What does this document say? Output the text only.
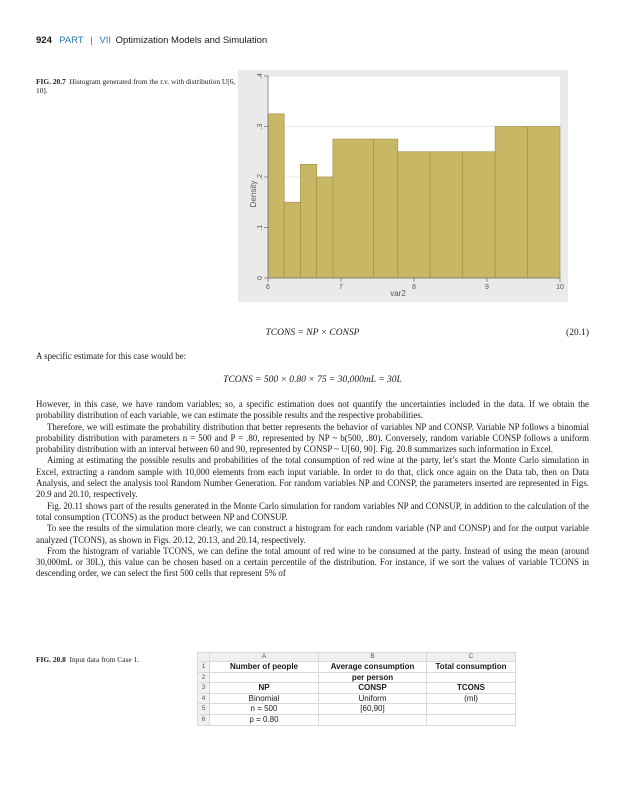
924 PART | VII Optimization Models and Simulation
FIG. 20.7 Histogram generated from the r.v. with distribution U[6, 10].
0
.1
.2
.3
.4
6	7	8	9	10
var2
Density
TCONS = NP × CONSP	(20.1)
A specific estimate for this case would be:
TCONS = 500 × 0.80 × 75 = 30,000mL = 30L

However, in this case, we have random variables; so, a specific estimation does not quantify the uncertainties included in the data. If we obtain the probability distribution of each variable, we can estimate the possible results and the respective probabilities.

Therefore, we will estimate the probability distribution that better represents the behavior of variables NP and CONSP. Variable NP follows a binomial probability distribution with parameters n = 500 and P = .80, represented by NP ~ b(500, .80). Conversely, random variable CONSP follows a uniform probability distribution with an interval between 60 and 90, represented by CONSP ~ U[60, 90]. Fig. 20.8 summarizes such information in Excel.

Aiming at estimating the possible results and probabilities of the total consumption of red wine at the party, let’s start the Monte Carlo simulation in Excel, extracting a random sample with 10,000 elements from each input variable. In order to do that, click once again on the Data tab, then on Data Analysis, and select the analysis tool Random Number Generation. For random variables NP and CONSP, the parameters inserted are represented in Figs. 20.9 and 20.10, respectively.

Fig. 20.11 shows part of the results generated in the Monte Carlo simulation for random variables NP and CONSUP, in addition to the calculation of the total consumption (TCONS) as the product between NP and CONSUP.

To see the results of the simulation more clearly, we can construct a histogram for each random variable (NP and CONSP) and for the output variable analyzed (TCONS), as shown in Figs. 20.12, 20.13, and 20.14, respectively.

From the histogram of variable TCONS, we can define the total amount of red wine to be consumed at the party. Instead of using the mean (around 30,000mL or 30L), this value can be chosen based on a certain percentile of the distribution. For instance, if we sort the values of variable TCONS in descending order, we can select the first 500 cells that represent 5% of

FIG. 20.8 Input data from Case 1.
		A	B	C
1	Number of people	Average consumption	Total consumption
2		per person	
3	NP	CONSP	TCONS
4	Binomial	Uniform	(ml)
5	n = 500	[60,90]	
6	p = 0.80		
